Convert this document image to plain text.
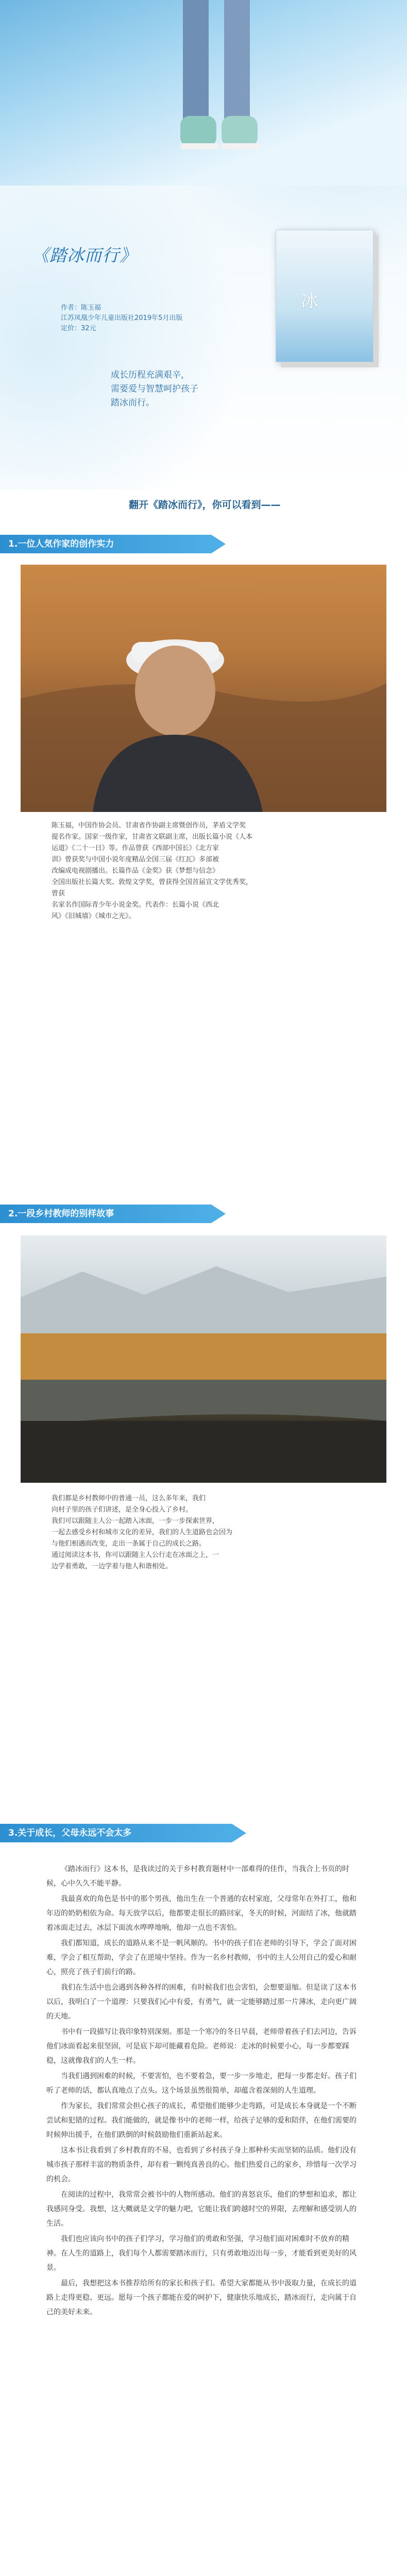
《踏冰而行》
作者：陈玉福
江苏凤凰少年儿童出版社2019年5月出版
定价：32元
冰
成长历程充满艰辛，
需要爱与智慧呵护孩子
踏冰而行。
翻开《踏冰而行》，你可以看到——
1.一位人気作家的创作实力

陈玉福，中国作协会员、甘肃省作协副主席暨创作员，茅盾文学奖

提名作家。国家一级作家，甘肃省文联副主席，出版长篇小说《人本

运道》《二十一日》等。作品曾获《西部中国长》《北方家

训》曾获奖与中国小说年度精品全国三届《红瓦》多部被

改编成电视剧播出。长篇作品《金奖》获《梦想与信念》

全国出版社长篇大奖、敦煌文学奖，曾获得全国首届宣文学优秀奖，

曾获

名家名作国际青少年小说金奖。代表作：长篇小说《西北

风》《旧城墙》《城市之光》。

2.一段乡村教师的别样故事

我们都是乡村教师中的普通一员，这么多年来，我们

向村子里的孩子们讲述，是全身心投入了乡村。

我们可以跟随主人公一起踏入冰面，一步一步探索世界，

一起去感受乡村和城市文化的差异，我们的人生道路也会因为

与他们相遇而改变，走出一条属于自己的成长之路。

通过阅读这本书，你可以跟随主人公行走在冰面之上，一

边学着勇敢，一边学着与他人和谐相处。

3.关于成长，父母永远不会太多

《踏冰而行》这本书，是我读过的关于乡村教育题材中一部难得的佳作，当我合上书页的时候，心中久久不能平静。

我最喜欢的角色是书中的那个男孩，他出生在一个普通的农村家庭，父母常年在外打工，他和年迈的奶奶相依为命。每天放学以后，他都要走很长的路回家，冬天的时候，河面结了冰，他就踏着冰面走过去，冰层下面流水哗哗地响，他却一点也不害怕。

我们都知道，成长的道路从来不是一帆风顺的。书中的孩子们在老师的引导下，学会了面对困难，学会了相互帮助，学会了在逆境中坚持。作为一名乡村教师，书中的主人公用自己的爱心和耐心，照亮了孩子们前行的路。

我们在生活中也会遇到各种各样的困难，有时候我们也会害怕，会想要退缩。但是读了这本书以后，我明白了一个道理：只要我们心中有爱，有勇气，就一定能够踏过那一片薄冰，走向更广阔的天地。

书中有一段描写让我印象特别深刻。那是一个寒冷的冬日早晨，老师带着孩子们去河边，告诉他们冰面看起来很坚固，可是底下却可能藏着危险。老师说：走冰的时候要小心，每一步都要踩稳，这就像我们的人生一样。

当我们遇到困难的时候，不要害怕，也不要着急，要一步一步地走，把每一步都走好。孩子们听了老师的话，都认真地点了点头。这个场景虽然很简单，却蕴含着深刻的人生道理。

作为家长，我们常常会担心孩子的成长，希望他们能够少走弯路，可是成长本身就是一个不断尝试和犯错的过程。我们能做的，就是像书中的老师一样，给孩子足够的爱和陪伴，在他们需要的时候伸出援手，在他们跌倒的时候鼓励他们重新站起来。

这本书让我看到了乡村教育的不易，也看到了乡村孩子身上那种朴实而坚韧的品质。他们没有城市孩子那样丰富的物质条件，却有着一颗纯真善良的心。他们热爱自己的家乡，珍惜每一次学习的机会。

在阅读的过程中，我常常会被书中的人物所感动。他们的喜怒哀乐，他们的梦想和追求，都让我感同身受。我想，这大概就是文学的魅力吧，它能让我们跨越时空的界限，去理解和感受别人的生活。

我们也应该向书中的孩子们学习，学习他们的勇敢和坚强，学习他们面对困难时不放弃的精神。在人生的道路上，我们每个人都需要踏冰而行，只有勇敢地迈出每一步，才能看到更美好的风景。

最后，我想把这本书推荐给所有的家长和孩子们。希望大家都能从书中汲取力量，在成长的道路上走得更稳、更远。愿每一个孩子都能在爱的呵护下，健康快乐地成长，踏冰而行，走向属于自己的美好未来。
